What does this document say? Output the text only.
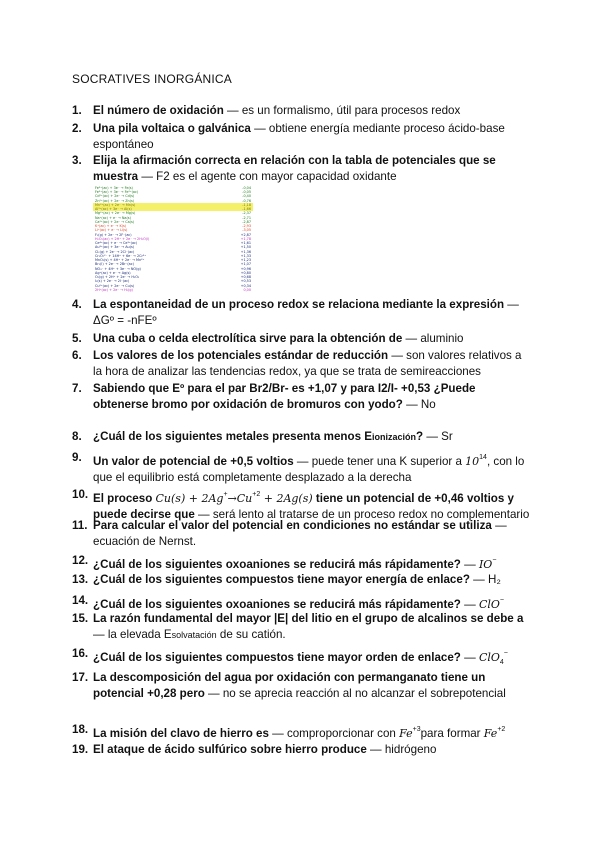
SOCRATIVES INORGÁNICA
1. El número de oxidación — es un formalismo, útil para procesos redox
2. Una pila voltaica o galvánica — obtiene energía mediante proceso ácido-base espontáneo
3. Elija la afirmación correcta en relación con la tabla de potenciales que se muestra — F2 es el agente con mayor capacidad oxidante
Fe³⁺(ac) + 3e⁻ → Fe(s)	-0,04
Fe³⁺(ac) + 3e⁻ → Fe²⁺(ac)	-0,05
Cd²⁺(ac) + 2e⁻ → Cd(s)	-0,40
Zn²⁺(ac) + 2e⁻ → Zn(s)	-0,76
Mn²⁺(ac) + 2e⁻ → Mn(s)	-1,18
Al³⁺(ac) + 3e⁻ → Al(s)	-1,66
Mg²⁺(ac) + 2e⁻ → Mg(s)	-2,37
Na⁺(ac) + e⁻ → Na(s)	-2,71
Ca²⁺(ac) + 2e⁻ → Ca(s)	-2,87
K⁺(ac) + e⁻ → K(s)	-2,93
Li⁺(ac) + e⁻ → Li(s)	-3,05
F₂(g) + 2e⁻ → 2F⁻(ac)	+2,87
H₂O₂(ac) + 2H⁺ + 2e⁻ → 2H₂O(l)	+1,78
Ce⁴⁺(ac) + e⁻ → Ce³⁺(ac)	+1,61
Au³⁺(ac) + 3e⁻ → Au(s)	+1,50
Cl₂(g) + 2e⁻ → 2Cl⁻(ac)	+1,36
Cr₂O₇²⁻ + 14H⁺ + 6e⁻ → 2Cr³⁺	+1,33
MnO₂(s) + 4H⁺ + 2e⁻ → Mn²⁺	+1,23
Br₂(l) + 2e⁻ → 2Br⁻(ac)	+1,07
NO₃⁻ + 4H⁺ + 3e⁻ → NO(g)	+0,96
Ag⁺(ac) + e⁻ → Ag(s)	+0,80
O₂(g) + 2H⁺ + 2e⁻ → H₂O₂	+0,68
I₂(s) + 2e⁻ → 2I⁻(ac)	+0,53
Cu²⁺(ac) + 2e⁻ → Cu(s)	+0,34
2H⁺(ac) + 2e⁻ → H₂(g)	0,00
4. La espontaneidad de un proceso redox se relaciona mediante la expresión — ΔGº = -nFEº
5. Una cuba o celda electrolítica sirve para la obtención de — aluminio
6. Los valores de los potenciales estándar de reducción — son valores relativos a la hora de analizar las tendencias redox, ya que se trata de semireacciones
7. Sabiendo que Eº para el par Br2/Br- es +1,07 y para I2/I- +0,53 ¿Puede obtenerse bromo por oxidación de bromuros con yodo? — No
8. ¿Cuál de los siguientes metales presenta menos Eionización? — Sr
9. Un valor de potencial de +0,5 voltios — puede tener una K superior a $10^{14}$, con lo que el equilibrio está completamente desplazado a la derecha
10. El proceso $Cu(s) + 2Ag^+\to Cu^{+2} + 2Ag(s)$ tiene un potencial de +0,46 voltios y puede decirse que — será lento al tratarse de un proceso redox no complementario
11. Para calcular el valor del potencial en condiciones no estándar se utiliza — ecuación de Nernst.
12. ¿Cuál de los siguientes oxoaniones se reducirá más rápidamente? — IO−
13. ¿Cuál de los siguientes compuestos tiene mayor energía de enlace? — H₂
14. ¿Cuál de los siguientes oxoaniones se reducirá más rápidamente? — ClO−
15. La razón fundamental del mayor |E| del litio en el grupo de alcalinos se debe a — la elevada Esolvatación de su catión.
16. ¿Cuál de los siguientes compuestos tiene mayor orden de enlace? — ClO$_4$−
17. La descomposición del agua por oxidación con permanganato tiene un potencial +0,28 pero — no se aprecia reacción al no alcanzar el sobrepotencial
18. La misión del clavo de hierro es — comproporcionar con $Fe^{+3}para$ formar $Fe^{+2}$
19. El ataque de ácido sulfúrico sobre hierro produce — hidrógeno
